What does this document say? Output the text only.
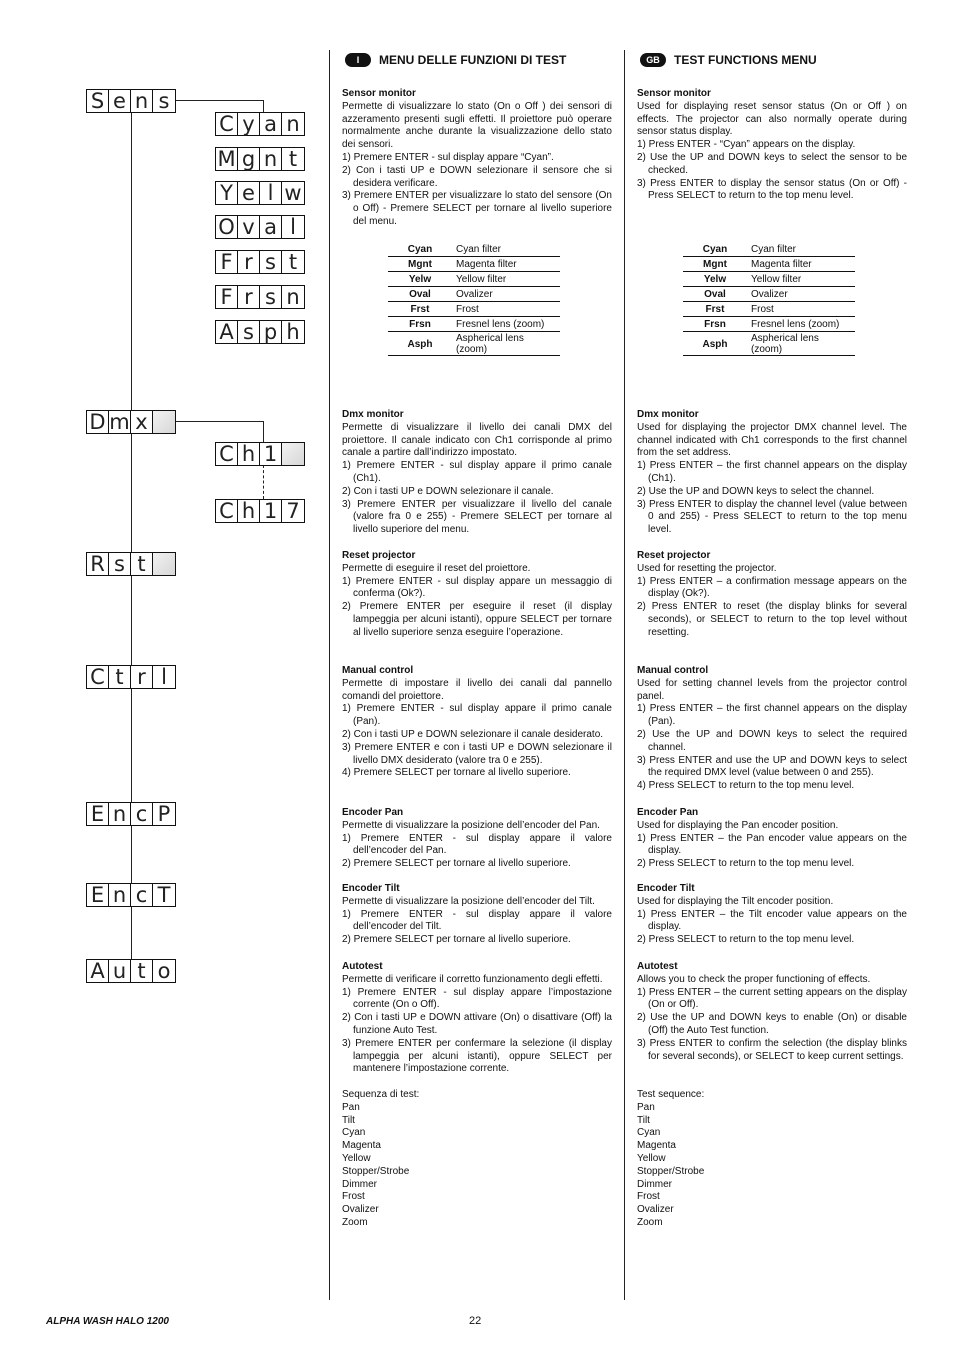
S e n s
C y a n
M g n t
Y e l w
O v a l
F r s t
F r s n
A s p h
D m x
C h 1
C h 1 7
R s t
C t r l
E n c P
E n c T
A u t o
I	MENU DELLE FUNZIONI DI TEST
Sensor monitor
Permette di visualizzare lo stato (On o Off ) dei sensori di azzeramento presenti sugli effetti. Il proiettore può operare normalmente anche durante la visualizzazione dello stato dei sensori.
1) Premere ENTER - sul display appare “Cyan”.
2) Con i tasti UP e DOWN selezionare il sensore che si desidera verificare.
3) Premere ENTER per visualizzare lo stato del sensore (On o Off) - Premere SELECT per tornare al livello superiore del menu.
Cyan	Cyan filter
Mgnt	Magenta filter
Yelw	Yellow filter
Oval	Ovalizer
Frst	Frost
Frsn	Fresnel lens (zoom)
Asph	Aspherical lens (zoom)
Dmx monitor
Permette di visualizzare il livello dei canali DMX del proiettore. Il canale indicato con Ch1 corrisponde al primo canale a partire dall’indirizzo impostato.
1) Premere ENTER - sul display appare il primo canale (Ch1).
2) Con i tasti UP e DOWN selezionare il canale.
3) Premere ENTER per visualizzare il livello del canale (valore fra 0 e 255) - Premere SELECT per tornare al livello superiore del menu.
Reset projector
Permette di eseguire il reset del proiettore.
1) Premere ENTER - sul display appare un messaggio di conferma (Ok?).
2) Premere ENTER per eseguire il reset (il display lampeggia per alcuni istanti), oppure SELECT per tornare al livello superiore senza eseguire l’operazione.
Manual control
Permette di impostare il livello dei canali dal pannello comandi del proiettore.
1) Premere ENTER - sul display appare il primo canale (Pan).
2) Con i tasti UP e DOWN selezionare il canale desiderato.
3) Premere ENTER e con i tasti UP e DOWN selezionare il livello DMX desiderato (valore tra 0 e 255).
4) Premere SELECT per tornare al livello superiore.
Encoder Pan
Permette di visualizzare la posizione dell’encoder del Pan.
1) Premere ENTER - sul display appare il valore dell’encoder del Pan.
2) Premere SELECT per tornare al livello superiore.
Encoder Tilt
Permette di visualizzare la posizione dell’encoder del Tilt.
1) Premere ENTER - sul display appare il valore dell’encoder del Tilt.
2) Premere SELECT per tornare al livello superiore.
Autotest
Permette di verificare il corretto funzionamento degli effetti.
1) Premere ENTER - sul display appare l’impostazione corrente (On o Off).
2) Con i tasti UP e DOWN attivare (On) o disattivare (Off) la funzione Auto Test.
3) Premere ENTER per confermare la selezione (il display lampeggia per alcuni istanti), oppure SELECT per mantenere l’impostazione corrente.
Sequenza di test:
Pan
Tilt
Cyan
Magenta
Yellow
Stopper/Strobe
Dimmer
Frost
Ovalizer
Zoom
GB	TEST FUNCTIONS MENU
Sensor monitor
Used for displaying reset sensor status (On or Off ) on effects. The projector can also normally operate during sensor status display.
1) Press ENTER - “Cyan” appears on the display.
2) Use the UP and DOWN keys to select the sensor to be checked.
3) Press ENTER to display the sensor status (On or Off) - Press SELECT to return to the top menu level.
Cyan	Cyan filter
Mgnt	Magenta filter
Yelw	Yellow filter
Oval	Ovalizer
Frst	Frost
Frsn	Fresnel lens (zoom)
Asph	Aspherical lens (zoom)
Dmx monitor
Used for displaying the projector DMX channel level. The channel indicated with Ch1 corresponds to the first channel from the set address.
1) Press ENTER – the first channel appears on the display (Ch1).
2) Use the UP and DOWN keys to select the channel.
3) Press ENTER to display the channel level (value between 0 and 255) - Press SELECT to return to the top menu level.
Reset projector
Used for resetting the projector.
1) Press ENTER – a confirmation message appears on the display (Ok?).
2) Press ENTER to reset (the display blinks for several seconds), or SELECT to return to the top level without resetting.
Manual control
Used for setting channel levels from the projector control panel.
1) Press ENTER – the first channel appears on the display (Pan).
2) Use the UP and DOWN keys to select the required channel.
3) Press ENTER and use the UP and DOWN keys to select the required DMX level (value between 0 and 255).
4) Press SELECT to return to the top menu level.
Encoder Pan
Used for displaying the Pan encoder position.
1) Press ENTER – the Pan encoder value appears on the display.
2) Press SELECT to return to the top menu level.
Encoder Tilt
Used for displaying the Tilt encoder position.
1) Press ENTER – the Tilt encoder value appears on the display.
2) Press SELECT to return to the top menu level.
Autotest
Allows you to check the proper functioning of effects.
1) Press ENTER – the current setting appears on the display (On or Off).
2) Use the UP and DOWN keys to enable (On) or disable (Off) the Auto Test function.
3) Press ENTER to confirm the selection (the display blinks for several seconds), or SELECT to keep current settings.
Test sequence:
Pan
Tilt
Cyan
Magenta
Yellow
Stopper/Strobe
Dimmer
Frost
Ovalizer
Zoom
ALPHA WASH HALO 1200	22
